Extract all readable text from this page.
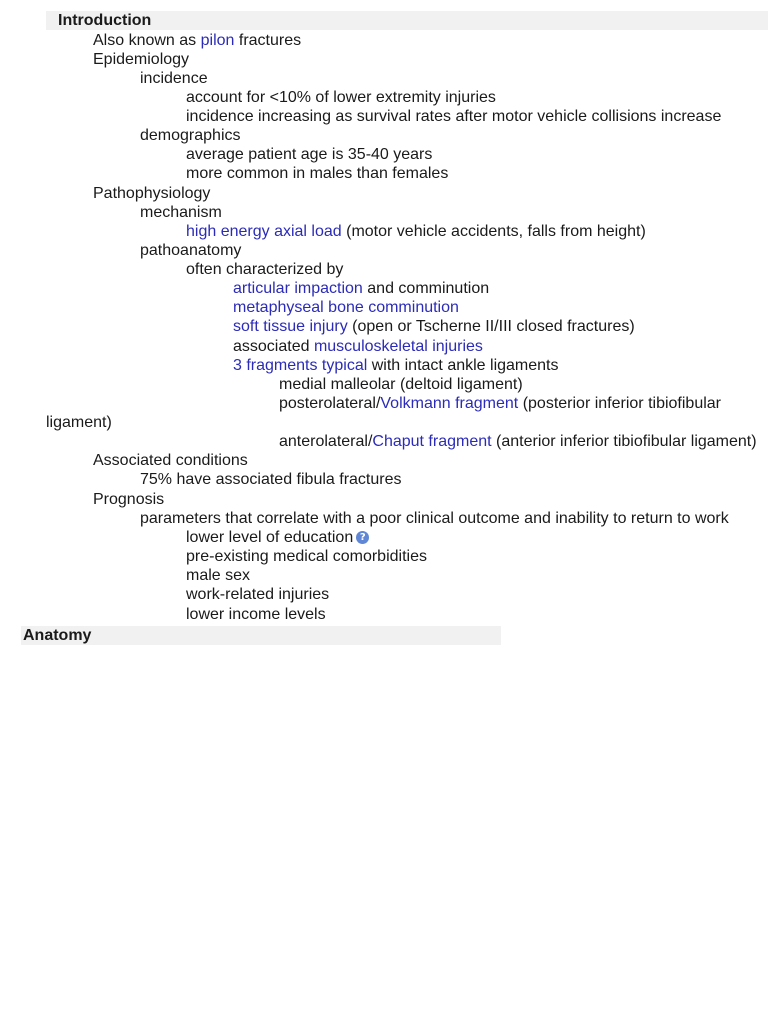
Introduction
Also known as pilon fractures
Epidemiology
incidence
account for <10% of lower extremity injuries
incidence increasing as survival rates after motor vehicle collisions increase
demographics
average patient age is 35-40 years
more common in males than females
Pathophysiology
mechanism
high energy axial load (motor vehicle accidents, falls from height)
pathoanatomy
often characterized by
articular impaction and comminution
metaphyseal bone comminution
soft tissue injury (open or Tscherne II/III closed fractures)
associated musculoskeletal injuries
3 fragments typical with intact ankle ligaments
medial malleolar (deltoid ligament)
posterolateral/Volkmann fragment (posterior inferior tibiofibular
ligament)
anterolateral/Chaput fragment (anterior inferior tibiofibular ligament)
Associated conditions
75% have associated fibula fractures
Prognosis
parameters that correlate with a poor clinical outcome and inability to return to work
lower level of education ?
pre-existing medical comorbidities
male sex
work-related injuries
lower income levels
Anatomy
